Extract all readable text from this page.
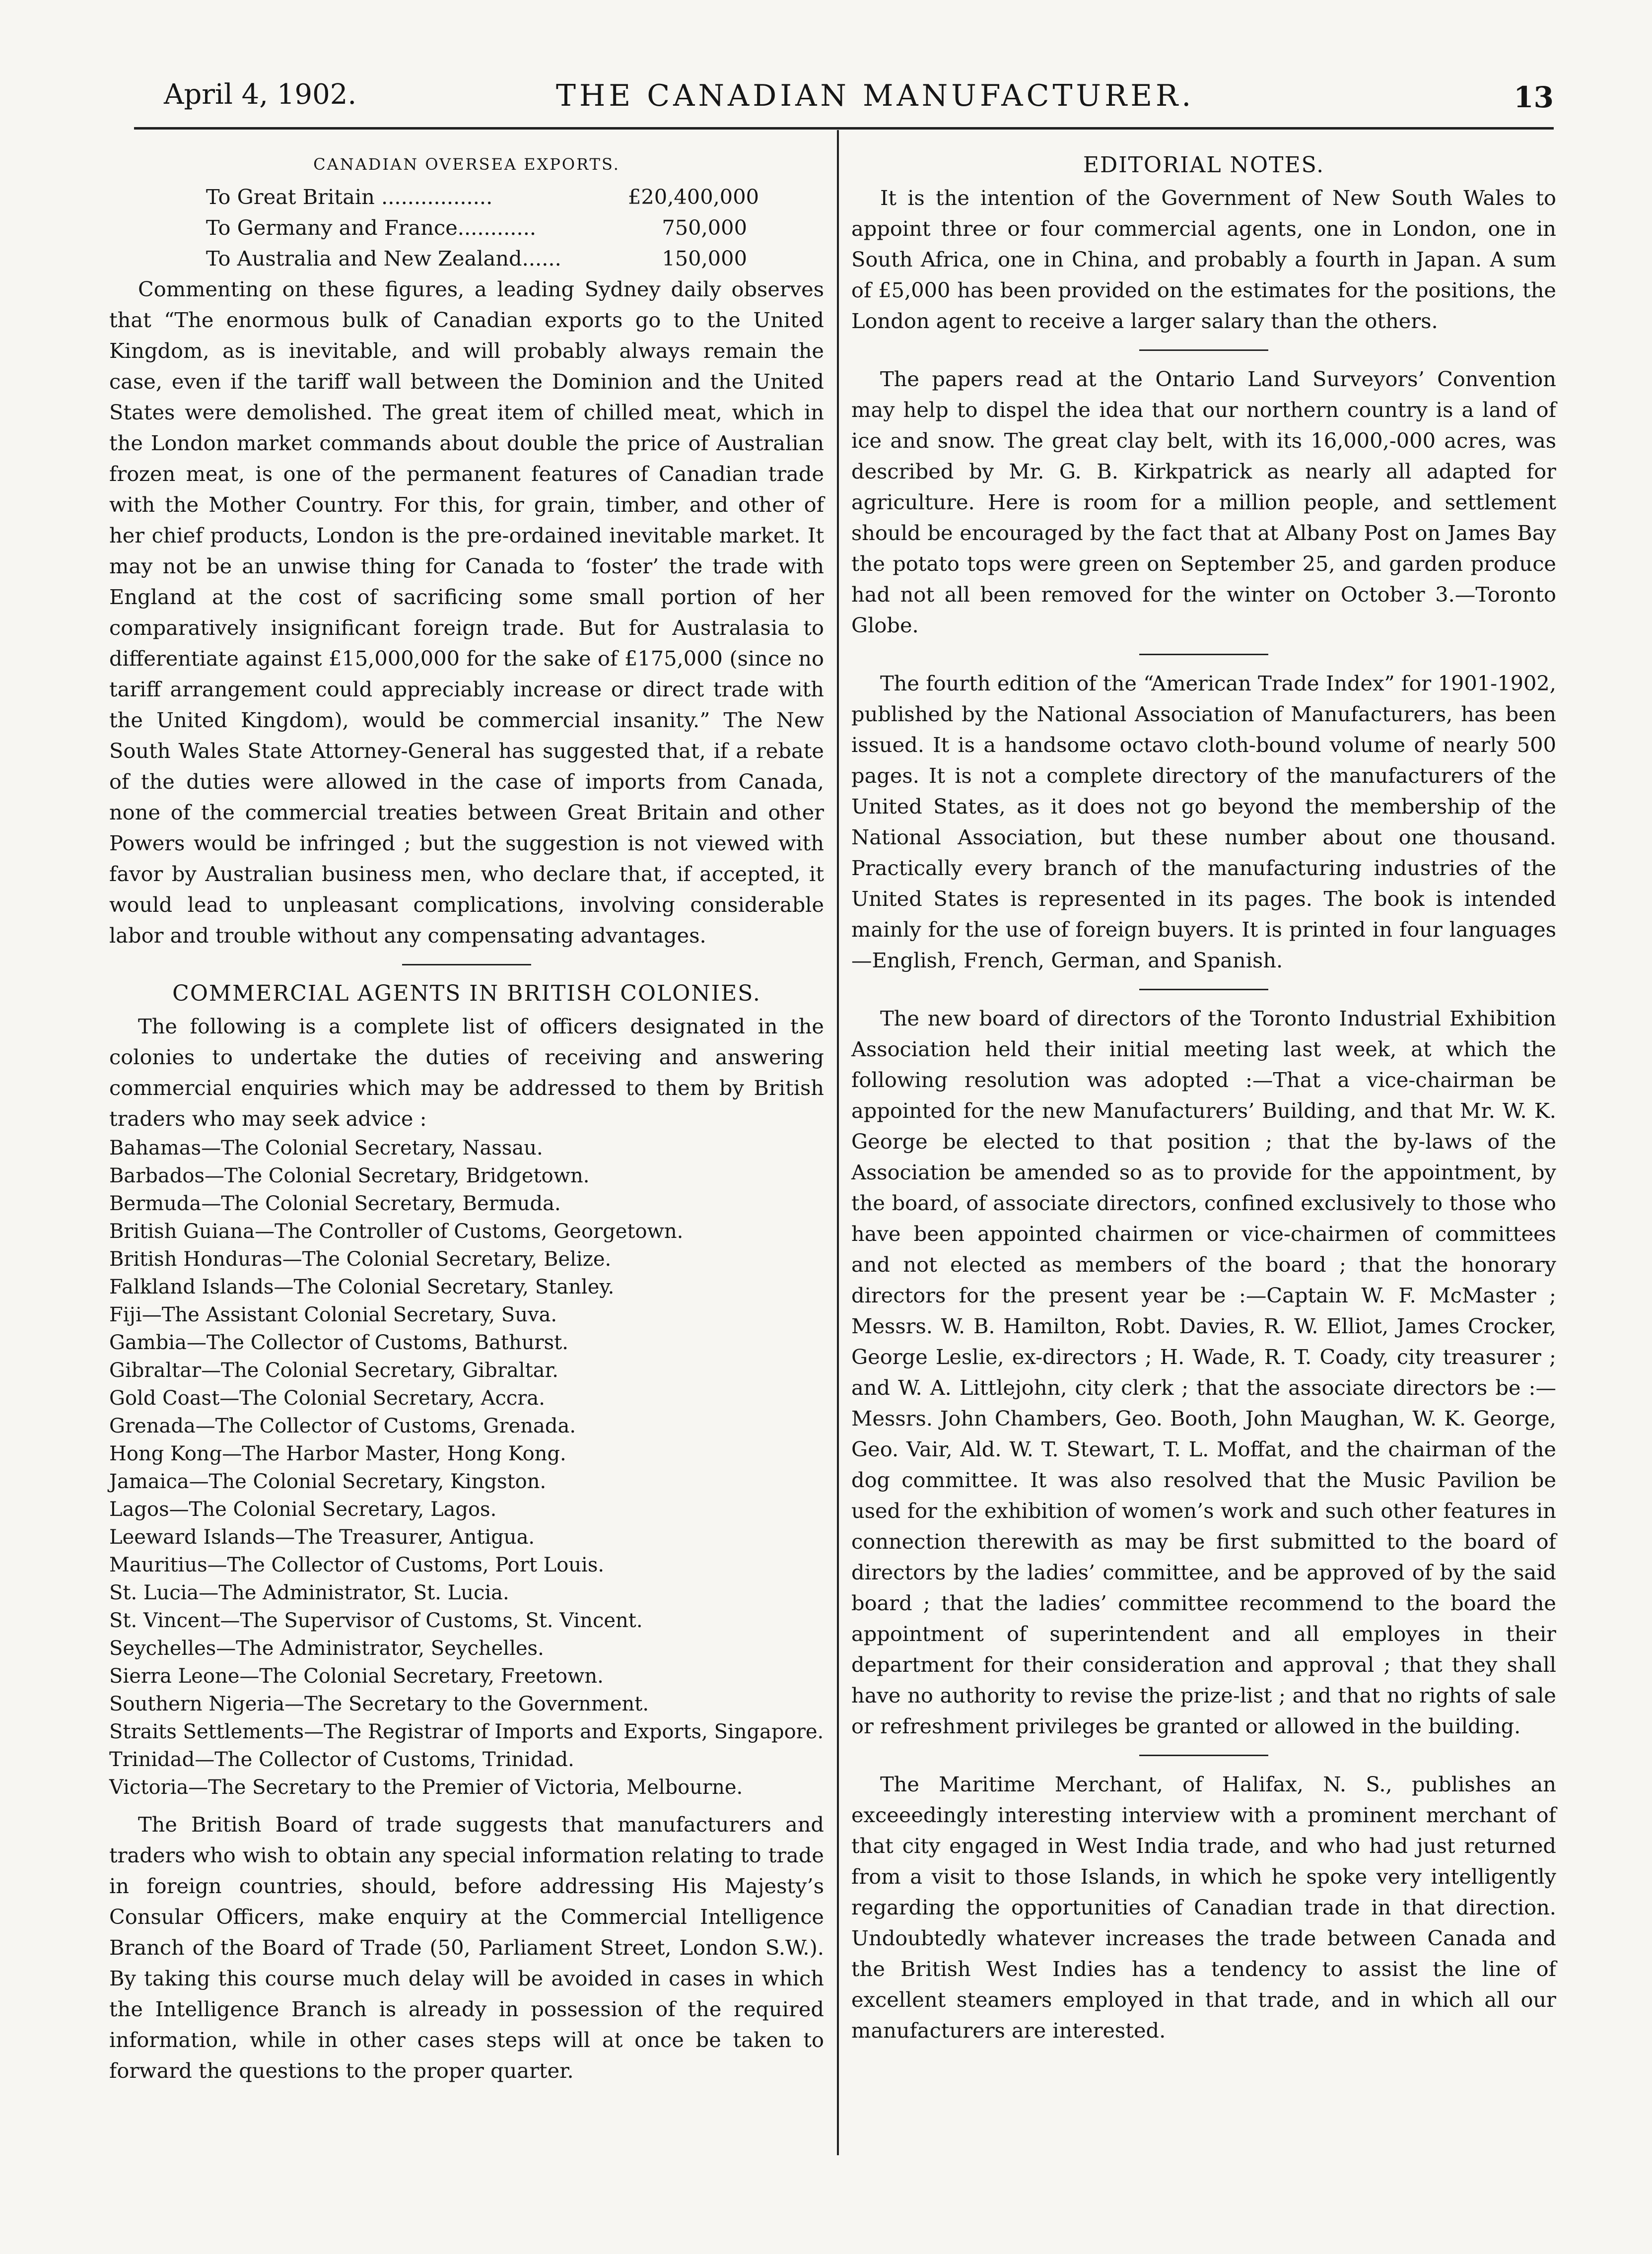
April 4, 1902.	THE CANADIAN MANUFACTURER.	13

CANADIAN OVERSEA EXPORTS.

To Great Britain .................	£20,400,000
To Germany and France............	750,000
To Australia and New Zealand......	150,000

Commenting on these figures, a leading Sydney daily observes that “The enormous bulk of Canadian exports go to the United Kingdom, as is inevitable, and will probably always remain the case, even if the tariff wall between the Dominion and the United States were demolished. The great item of chilled meat, which in the London market commands about double the price of Australian frozen meat, is one of the permanent features of Canadian trade with the Mother Country. For this, for grain, timber, and other of her chief products, London is the pre-ordained inevitable market. It may not be an unwise thing for Canada to ‘foster’ the trade with England at the cost of sacrificing some small portion of her comparatively insignificant foreign trade. But for Australasia to differentiate against £15,000,000 for the sake of £175,000 (since no tariff arrangement could appreciably increase or direct trade with the United Kingdom), would be commercial insanity.” The New South Wales State Attorney-General has suggested that, if a rebate of the duties were allowed in the case of imports from Canada, none of the commercial treaties between Great Britain and other Powers would be infringed ; but the suggestion is not viewed with favor by Australian business men, who declare that, if accepted, it would lead to unpleasant complications, involving considerable labor and trouble without any compensating advantages.

COMMERCIAL AGENTS IN BRITISH COLONIES.

The following is a complete list of officers designated in the colonies to undertake the duties of receiving and answering commercial enquiries which may be addressed to them by British traders who may seek advice :

Bahamas—The Colonial Secretary, Nassau.
Barbados—The Colonial Secretary, Bridgetown.
Bermuda—The Colonial Secretary, Bermuda.
British Guiana—The Controller of Customs, Georgetown.
British Honduras—The Colonial Secretary, Belize.
Falkland Islands—The Colonial Secretary, Stanley.
Fiji—The Assistant Colonial Secretary, Suva.
Gambia—The Collector of Customs, Bathurst.
Gibraltar—The Colonial Secretary, Gibraltar.
Gold Coast—The Colonial Secretary, Accra.
Grenada—The Collector of Customs, Grenada.
Hong Kong—The Harbor Master, Hong Kong.
Jamaica—The Colonial Secretary, Kingston.
Lagos—The Colonial Secretary, Lagos.
Leeward Islands—The Treasurer, Antigua.
Mauritius—The Collector of Customs, Port Louis.
St. Lucia—The Administrator, St. Lucia.
St. Vincent—The Supervisor of Customs, St. Vincent.
Seychelles—The Administrator, Seychelles.
Sierra Leone—The Colonial Secretary, Freetown.
Southern Nigeria—The Secretary to the Government.
Straits Settlements—The Registrar of Imports and Exports, Singapore.
Trinidad—The Collector of Customs, Trinidad.
Victoria—The Secretary to the Premier of Victoria, Melbourne.

The British Board of trade suggests that manufacturers and traders who wish to obtain any special information relating to trade in foreign countries, should, before addressing His Majesty’s Consular Officers, make enquiry at the Commercial Intelligence Branch of the Board of Trade (50, Parliament Street, London S.W.). By taking this course much delay will be avoided in cases in which the Intelligence Branch is already in possession of the required information, while in other cases steps will at once be taken to forward the questions to the proper quarter.

EDITORIAL NOTES.

It is the intention of the Government of New South Wales to appoint three or four commercial agents, one in London, one in South Africa, one in China, and probably a fourth in Japan. A sum of £5,000 has been provided on the estimates for the positions, the London agent to receive a larger salary than the others.

The papers read at the Ontario Land Surveyors’ Convention may help to dispel the idea that our northern country is a land of ice and snow. The great clay belt, with its 16,000,-000 acres, was described by Mr. G. B. Kirkpatrick as nearly all adapted for agriculture. Here is room for a million people, and settlement should be encouraged by the fact that at Albany Post on James Bay the potato tops were green on September 25, and garden produce had not all been removed for the winter on October 3.—Toronto Globe.

The fourth edition of the “American Trade Index” for 1901-1902, published by the National Association of Manufacturers, has been issued. It is a handsome octavo cloth-bound volume of nearly 500 pages. It is not a complete directory of the manufacturers of the United States, as it does not go beyond the membership of the National Association, but these number about one thousand. Practically every branch of the manufacturing industries of the United States is represented in its pages. The book is intended mainly for the use of foreign buyers. It is printed in four languages—English, French, German, and Spanish.

The new board of directors of the Toronto Industrial Exhibition Association held their initial meeting last week, at which the following resolution was adopted :—That a vice-chairman be appointed for the new Manufacturers’ Building, and that Mr. W. K. George be elected to that position ; that the by-laws of the Association be amended so as to provide for the appointment, by the board, of associate directors, confined exclusively to those who have been appointed chairmen or vice-chairmen of committees and not elected as members of the board ; that the honorary directors for the present year be :—Captain W. F. McMaster ; Messrs. W. B. Hamilton, Robt. Davies, R. W. Elliot, James Crocker, George Leslie, ex-directors ; H. Wade, R. T. Coady, city treasurer ; and W. A. Littlejohn, city clerk ; that the associate directors be :—Messrs. John Chambers, Geo. Booth, John Maughan, W. K. George, Geo. Vair, Ald. W. T. Stewart, T. L. Moffat, and the chairman of the dog committee. It was also resolved that the Music Pavilion be used for the exhibition of women’s work and such other features in connection therewith as may be first submitted to the board of directors by the ladies’ committee, and be approved of by the said board ; that the ladies’ committee recommend to the board the appointment of superintendent and all employes in their department for their consideration and approval ; that they shall have no authority to revise the prize-list ; and that no rights of sale or refreshment privileges be granted or allowed in the building.

The Maritime Merchant, of Halifax, N. S., publishes an exceeedingly interesting interview with a prominent merchant of that city engaged in West India trade, and who had just returned from a visit to those Islands, in which he spoke very intelligently regarding the opportunities of Canadian trade in that direction. Undoubtedly whatever increases the trade between Canada and the British West Indies has a tendency to assist the line of excellent steamers employed in that trade, and in which all our manufacturers are interested.
